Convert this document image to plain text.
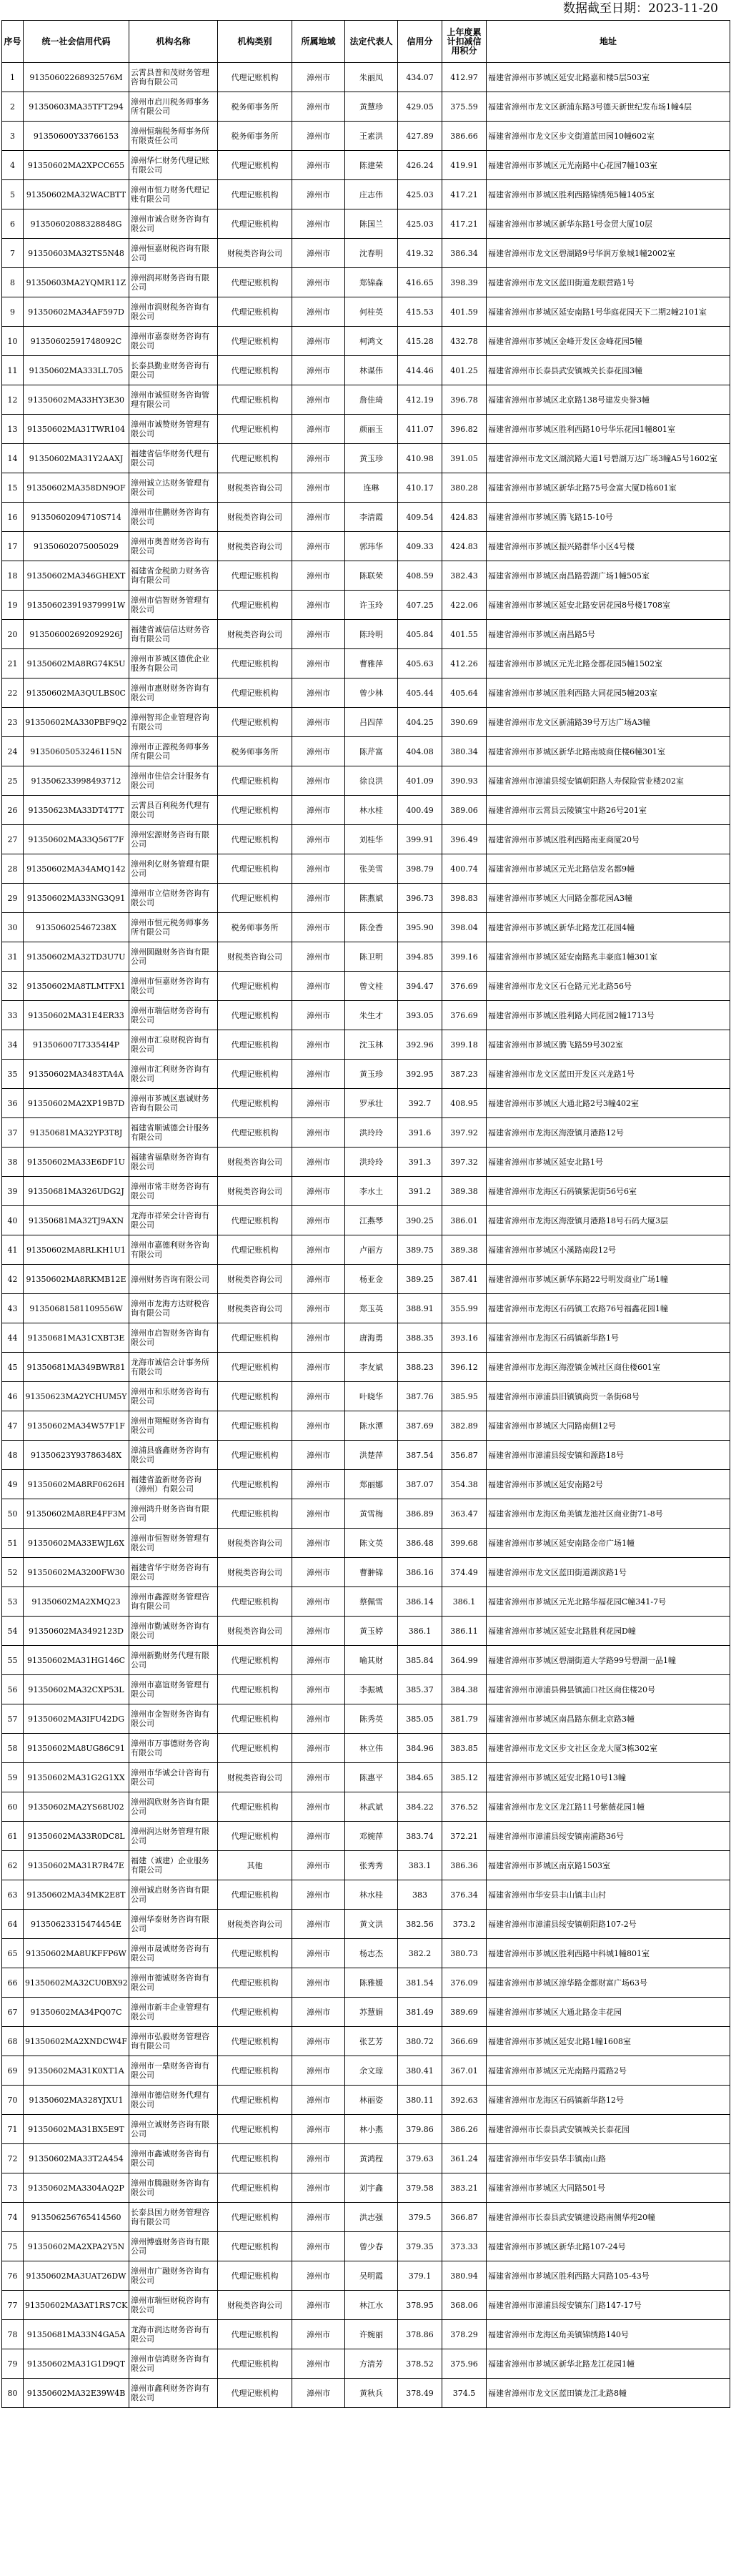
数据截至日期：2023-11-20
序号	统一社会信用代码	机构名称	机构类别	所属地域	法定代表人	信用分	上年度累计扣减信用积分	地址
1	91350602268932576M	云霄县普和茂财务管理咨询有限公司	代理记账机构	漳州市	朱丽凤	434.07	412.97	福建省漳州市芗城区延安北路嘉和楼5层503室
2	91350603MA35TFT294	漳州市启川税务师事务所有限公司	税务师事务所	漳州市	黄慧珍	429.05	375.59	福建省漳州市龙文区新浦东路3号德天新世纪发布场1幢4层
3	91350600Y33766153	漳州恒瑞税务师事务所有限责任公司	税务师事务所	漳州市	王素洪	427.89	386.66	福建省漳州市龙文区步文街道蓝田园10幢602室
4	91350602MA2XPCC655	漳州华仁财务代理记账有限公司	代理记账机构	漳州市	陈建荣	426.24	419.91	福建省漳州市芗城区元光南路中心花园7幢103室
5	91350602MA32WACBTT	漳州市恒力财务代理记账有限公司	代理记账机构	漳州市	庄志伟	425.03	417.21	福建省漳州市芗城区胜利西路锦绣苑5幢1405室
6	91350602088328848G	漳州市诚合财务咨询有限公司	代理记账机构	漳州市	陈国兰	425.03	417.21	福建省漳州市芗城区新华东路1号金贸大厦10层
7	91350603MA32TS5N48	漳州恒嘉财税咨询有限公司	财税类咨询公司	漳州市	沈春明	419.32	386.34	福建省漳州市龙文区碧湖路9号华润万象城1幢2002室
8	91350603MA2YQMR11Z	漳州润邦财务咨询有限公司	代理记账机构	漳州市	郑锦森	416.65	398.39	福建省漳州市龙文区蓝田街道龙眼营路1号
9	91350602MA34AF597D	漳州市润财税务咨询有限公司	代理记账机构	漳州市	何桂英	415.53	401.59	福建省漳州市芗城区延安南路1号华庭花园天下二期2幢2101室
10	91350602591748092C	漳州市嘉泰财务咨询有限公司	代理记账机构	漳州市	柯鸿文	415.28	432.78	福建省漳州市芗城区金峰开发区金峰花园5幢
11	91350602MA333LL705	长泰县勤业财务咨询有限公司	代理记账机构	漳州市	林谋伟	414.46	401.25	福建省漳州市长泰县武安镇城关长泰花园3幢
12	91350602MA33HY3E30	漳州市诚恒财务咨询管理有限公司	代理记账机构	漳州市	詹佳琦	412.19	396.78	福建省漳州市芗城区北京路138号建发央誉3幢
13	91350602MA31TWR104	漳州市诚赞财务管理有限公司	代理记账机构	漳州市	颜丽玉	411.07	396.82	福建省漳州市芗城区胜利西路10号华乐花园1幢801室
14	91350602MA31Y2AAXJ	福建省信华财务代理有限公司	代理记账机构	漳州市	黄玉珍	410.98	391.05	福建省漳州市龙文区湖滨路大道1号碧湖万达广场3幢A5号1602室
15	91350602MA358DN9OF	漳州诚立达财务管理有限公司	财税类咨询公司	漳州市	连琳	410.17	380.28	福建省漳州市芗城区新华北路75号金富大厦D栋601室
16	91350602094710S714	漳州市佳鹏财务咨询有限公司	财税类咨询公司	漳州市	李清霞	409.54	424.83	福建省漳州市芗城区腾飞路15-10号
17	91350602075005029	漳州市奥普财务咨询有限公司	财税类咨询公司	漳州市	郭玮华	409.33	424.83	福建省漳州市芗城区振兴路群华小区4号楼
18	91350602MA346GHEXT	福建省金税助力财务咨询有限公司	代理记账机构	漳州市	陈联荣	408.59	382.43	福建省漳州市芗城区南昌路碧湖广场1幢505室
19	913506023919379991W	漳州市信智财务管理有限公司	代理记账机构	漳州市	许玉玲	407.25	422.06	福建省漳州市芗城区延安北路安居花园8号楼1708室
20	913506002692092926J	福建省诚信信达财务咨询有限公司	财税类咨询公司	漳州市	陈玲明	405.84	401.55	福建省漳州市芗城区南昌路5号
21	91350602MA8RG74K5U	漳州市芗城区德优企业服务有限公司	代理记账机构	漳州市	曹雅萍	405.63	412.26	福建省漳州市芗城区元光北路金都花园5幢1502室
22	91350602MA3QULBS0C	漳州市惠财财务咨询有限公司	代理记账机构	漳州市	曾少林	405.44	405.64	福建省漳州市芗城区胜利西路大同花园5幢203室
23	91350602MA330PBF9Q2	漳州智邦企业管理咨询有限公司	代理记账机构	漳州市	吕四萍	404.25	390.69	福建省漳州市龙文区新浦路39号万达广场A3幢
24	91350605053246115N	漳州市正源税务师事务所有限公司	税务师事务所	漳州市	陈芹富	404.08	380.34	福建省漳州市芗城区新华北路南坡商住楼6幢301室
25	913506233998493712	漳州市佳信会计服务有限公司	代理记账机构	漳州市	徐良洪	401.09	390.93	福建省漳州市漳浦县绥安镇朝阳路人寿保险营业楼202室
26	91350623MA33DT4T7T	云霄县百利税务代理有限公司	代理记账机构	漳州市	林水桂	400.49	389.06	福建省漳州市云霄县云陵镇宝中路26号201室
27	91350602MA33Q56T7F	漳州宏源财务咨询有限公司	代理记账机构	漳州市	刘桂华	399.91	396.49	福建省漳州市芗城区胜利西路南亚商厦20号
28	91350602MA34AMQ142	漳州利亿财务管理有限公司	代理记账机构	漳州市	张美雪	398.79	400.74	福建省漳州市芗城区元光北路信发名都9幢
29	91350602MA33NG3Q91	漳州市立信财务咨询有限公司	代理记账机构	漳州市	陈燕斌	396.73	398.83	福建省漳州市芗城区大同路金都花园A3幢
30	913506025467238X	漳州市恒元税务师事务所有限公司	税务师事务所	漳州市	陈金香	395.90	398.04	福建省漳州市芗城区新华北路龙江花园4幢
31	91350602MA32TD3U7U	漳州圆融财务咨询有限公司	财税类咨询公司	漳州市	陈卫明	394.85	399.16	福建省漳州市芗城区延安南路兆丰豪庭1幢301室
32	91350602MA8TLMTFX1	漳州市恒嘉财务咨询有限公司	代理记账机构	漳州市	曾文桂	394.47	376.69	福建省漳州市龙文区石仓路元光北路56号
33	91350602MA31E4ER33	漳州市瑞信财务咨询有限公司	代理记账机构	漳州市	朱生才	393.05	376.69	福建省漳州市芗城区胜利路大同花园2幢1713号
34	913506007I73354I4P	漳州市汇泉财税咨询有限公司	代理记账机构	漳州市	沈玉林	392.96	399.18	福建省漳州市芗城区腾飞路59号302室
35	91350602MA3483TA4A	漳州市汇利财务咨询有限公司	代理记账机构	漳州市	黄玉珍	392.95	387.23	福建省漳州市龙文区蓝田开发区兴龙路1号
36	91350602MA2XP19B7D	漳州市芗城区惠诚财务咨询有限公司	代理记账机构	漳州市	罗承壮	392.7	408.95	福建省漳州市芗城区大通北路2号3幢402室
37	91350681MA32YP3T8J	福建省顺诚德会计服务有限公司	代理记账机构	漳州市	洪玲玲	391.6	397.92	福建省漳州市龙海区海澄镇月港路12号
38	91350602MA33E6DF1U	福建省福鼎财务咨询有限公司	财税类咨询公司	漳州市	洪玲玲	391.3	397.32	福建省漳州市芗城区延安北路1号
39	91350681MA326UDG2J	漳州市常丰财务咨询有限公司	财税类咨询公司	漳州市	李水土	391.2	389.38	福建省漳州市龙海区石码镇紫泥街56号6室
40	91350681MA32TJ9AXN	龙海市祥荣会计咨询有限公司	代理记账机构	漳州市	江燕琴	390.25	386.01	福建省漳州市龙海区海澄镇月港路18号石码大厦3层
41	91350602MA8RLKH1U1	漳州市嘉德利财务咨询有限公司	代理记账机构	漳州市	卢丽方	389.75	389.38	福建省漳州市芗城区小溪路南段12号
42	91350602MA8RKMB12E	漳州财务咨询有限公司	财税类咨询公司	漳州市	杨亚金	389.25	387.41	福建省漳州市芗城区新华东路22号明发商业广场1幢
43	91350681581109556W	漳州市龙海方达财税咨询有限公司	财税类咨询公司	漳州市	郑玉英	388.91	355.99	福建省漳州市龙海区石码镇工农路76号福鑫花园1幢
44	91350681MA31CXBT3E	漳州市启智财务咨询有限公司	代理记账机构	漳州市	唐海勇	388.35	393.16	福建省漳州市龙海区石码镇新华路1号
45	91350681MA349BWR81	龙海市诚信会计事务所有限公司	代理记账机构	漳州市	李友斌	388.23	396.12	福建省漳州市龙海区海澄镇金城社区商住楼601室
46	91350623MA2YCHUM5Y	漳州市和乐财务咨询有限公司	代理记账机构	漳州市	叶晓华	387.76	385.95	福建省漳州市漳浦县旧镇镇商贸一条街68号
47	91350602MA34W57F1F	漳州市翔鲲财务咨询有限公司	代理记账机构	漳州市	陈水潭	387.69	382.89	福建省漳州市芗城区大同路南侧12号
48	91350623Y93786348X	漳浦县盛鑫财务咨询有限公司	代理记账机构	漳州市	洪楚萍	387.54	356.87	福建省漳州市漳浦县绥安镇和源路18号
49	91350602MA8RF0626H	福建省盈新财务咨询（漳州）有限公司	代理记账机构	漳州市	郑丽娜	387.07	354.38	福建省漳州市芗城区延安南路2号
50	91350602MA8RE4FF3M	漳州鸿升财务咨询有限公司	代理记账机构	漳州市	黄雪梅	386.89	363.47	福建省漳州市龙海区角美镇龙池社区商业街71-8号
51	91350602MA33EWJL6X	漳州市恒智财务管理有限公司	财税类咨询公司	漳州市	陈文英	386.48	399.68	福建省漳州市芗城区延安南路金帝广场1幢
52	91350602MA3200FW30	福建省华宇财务咨询有限公司	财税类咨询公司	漳州市	曹翀锦	386.16	374.49	福建省漳州市龙文区蓝田街道湖滨路1号
53	91350602MA2XMQ23	漳州市鑫源财务管理咨询有限公司	代理记账机构	漳州市	蔡佩雪	386.14	386.1	福建省漳州市芗城区元光北路华福花园C幢341-7号
54	91350602MA3492123D	漳州市勤诚财务咨询有限公司	财税类咨询公司	漳州市	黄玉婷	386.1	386.11	福建省漳州市芗城区延安北路胜利花园D幢
55	91350602MA31HG146C	漳州新勤财务代理有限公司	代理记账机构	漳州市	喻其财	385.84	364.99	福建省漳州市芗城区碧湖街道大学路99号碧湖一品1幢
56	91350602MA32CXP53L	漳州市嘉谊财务管理有限公司	代理记账机构	漳州市	李振城	385.37	384.38	福建省漳州市漳浦县佛昙镇浦口社区商住楼20号
57	91350602MA3IFU42DG	漳州市金智财务咨询有限公司	代理记账机构	漳州市	陈秀英	385.05	381.79	福建省漳州市芗城区南昌路东侧北京路3幢
58	91350602MA8UG86C91	漳州市万事德财务咨询有限公司	代理记账机构	漳州市	林立伟	384.96	383.85	福建省漳州市龙文区步文社区金龙大厦3栋302室
59	91350602MA31G2G1XX	漳州市华诚会计咨询有限公司	财税类咨询公司	漳州市	陈惠平	384.65	385.12	福建省漳州市芗城区延安北路10号13幢
60	91350602MA2YS68U02	漳州润欣财务咨询有限公司	代理记账机构	漳州市	林武斌	384.22	376.52	福建省漳州市龙文区龙江路11号紫薇花园1幢
61	91350602MA33R0DC8L	漳州润达财务管理有限公司	代理记账机构	漳州市	邓婉萍	383.74	372.21	福建省漳州市漳浦县绥安镇南浦路36号
62	91350602MA31R7R47E	福建（诚建）企业服务有限公司	其他	漳州市	张秀秀	383.1	386.36	福建省漳州市芗城区南京路1503室
63	91350602MA34MK2E8T	漳州诚启财务咨询有限公司	代理记账机构	漳州市	林水桂	383	376.34	福建省漳州市华安县丰山镇丰山村
64	91350623315474454E	漳州华泰财务咨询有限公司	财税类咨询公司	漳州市	黄文洪	382.56	373.2	福建省漳州市漳浦县绥安镇朝阳路107-2号
65	91350602MA8UKFFP6W	漳州市晟诚财务咨询有限公司	代理记账机构	漳州市	杨志杰	382.2	380.73	福建省漳州市芗城区胜利西路中科城1幢801室
66	91350602MA32CU0BX92	漳州市德诚财务咨询有限公司	代理记账机构	漳州市	陈雅媛	381.54	376.09	福建省漳州市芗城区漳华路金都财富广场63号
67	91350602MA34PQ07C	漳州市新丰企业管理有限公司	代理记账机构	漳州市	苏慧娟	381.49	389.69	福建省漳州市芗城区大通北路金丰花园
68	91350602MA2XNDCW4F	漳州市弘毅财务管理咨询有限公司	代理记账机构	漳州市	张艺芳	380.72	366.69	福建省漳州市芗城区延安北路1幢1608室
69	91350602MA31K0XT1A	漳州市一鼎财务咨询有限公司	代理记账机构	漳州市	余文琼	380.41	367.01	福建省漳州市芗城区元光南路丹霞路2号
70	91350602MA328YJXU1	漳州市德信财务代理有限公司	代理记账机构	漳州市	林丽姿	380.11	392.63	福建省漳州市龙海区石码镇新华路12号
71	91350602MA31BX5E9T	漳州立诚财务咨询有限公司	代理记账机构	漳州市	林小燕	379.86	386.26	福建省漳州市长泰县武安镇城关长泰花园
72	91350602MA33T2A454	漳州市鑫诚财务咨询有限公司	代理记账机构	漳州市	黄鸿程	379.63	361.24	福建省漳州市华安县华丰镇南山路
73	91350602MA3304AQ2P	漳州市腾融财务咨询有限公司	代理记账机构	漳州市	刘宇鑫	379.58	383.21	福建省漳州市芗城区大同路501号
74	913506256765414560	长泰县国力财务管理咨询有限公司	代理记账机构	漳州市	洪志强	379.5	366.87	福建省漳州市长泰县武安镇建设路南侧华苑20幢
75	91350602MA2XPA2Y5N	漳州博盛财务咨询有限公司	代理记账机构	漳州市	曾少春	379.35	373.33	福建省漳州市芗城区新华北路107-24号
76	91350602MA3UAT26DW	漳州市广融财务咨询有限公司	代理记账机构	漳州市	吴明霞	379.1	380.94	福建省漳州市芗城区胜利西路大同路105-43号
77	91350602MA3AT1RS7CK	漳州市瑞恒财税咨询有限公司	财税类咨询公司	漳州市	林江水	378.95	368.06	福建省漳州市漳浦县绥安镇东门路147-17号
78	91350681MA33N4GA5A	龙海市润达财务咨询有限公司	代理记账机构	漳州市	许婉丽	378.86	378.29	福建省漳州市龙海区角美镇锦绣路140号
79	91350602MA31G1D9QT	漳州市信鸿财务咨询有限公司	代理记账机构	漳州市	方清芳	378.52	375.96	福建省漳州市芗城区新华北路龙江花园1幢
80	91350602MA32E39W4B	漳州市鑫利财务咨询有限公司	代理记账机构	漳州市	黄秋兵	378.49	374.5	福建省漳州市龙文区蓝田镇龙江北路8幢
